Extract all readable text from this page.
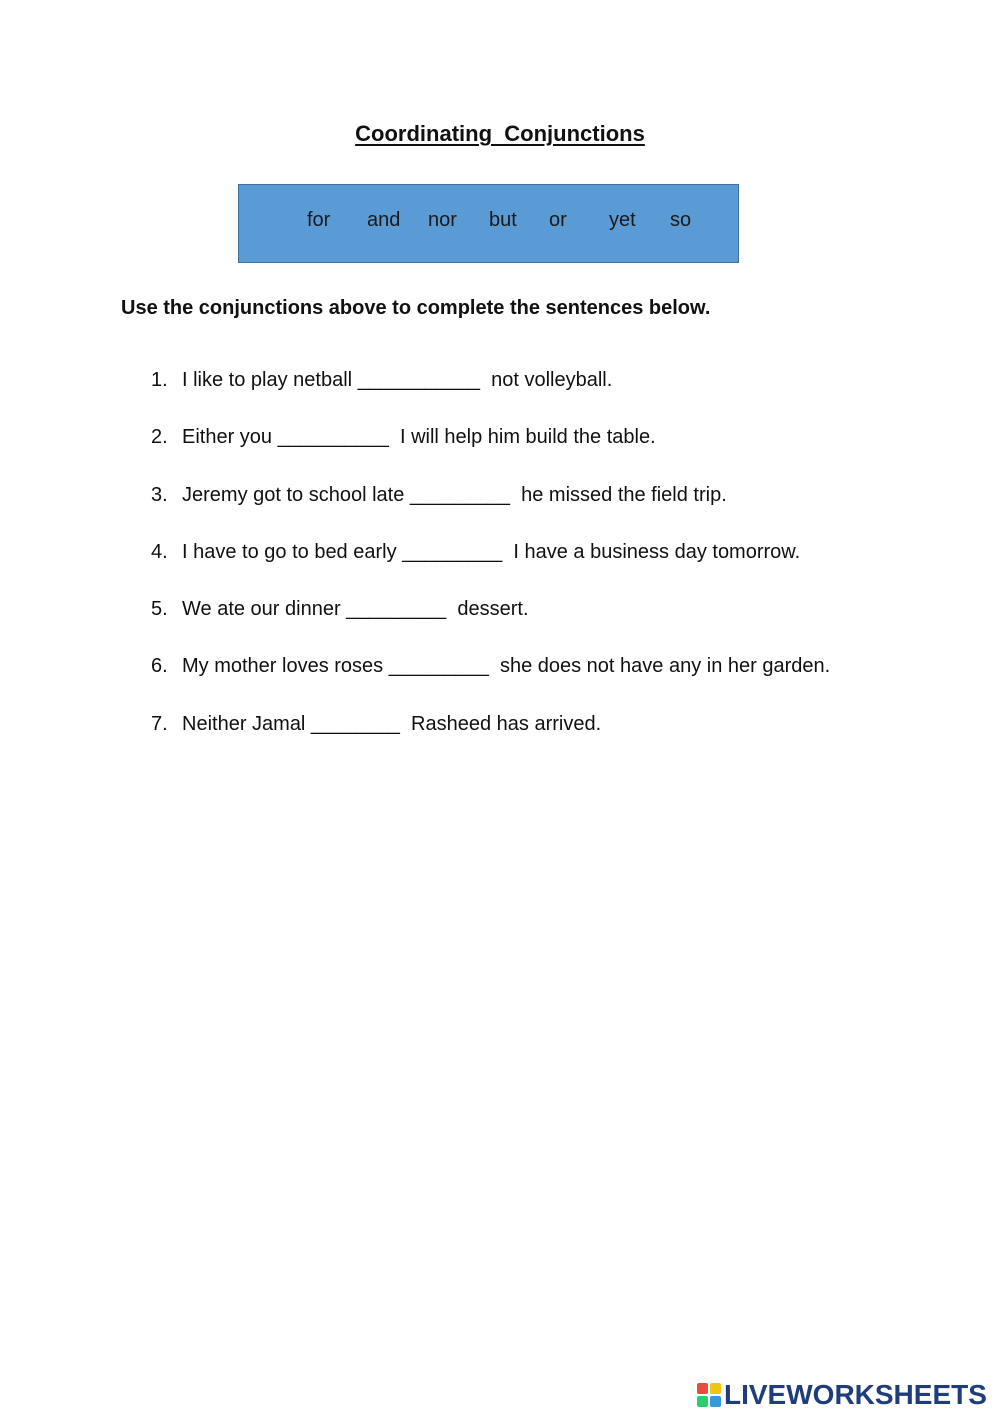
Coordinating  Conjunctions
for and nor but or yet so
Use the conjunctions above to complete the sentences below.
1. I like to play netball ___________  not volleyball.
2. Either you __________  I will help him build the table.
3. Jeremy got to school late _________  he missed the field trip.
4. I have to go to bed early _________  I have a business day tomorrow.
5. We ate our dinner _________  dessert.
6. My mother loves roses _________  she does not have any in her garden.
7. Neither Jamal ________  Rasheed has arrived.
LIVEWORKSHEETS
